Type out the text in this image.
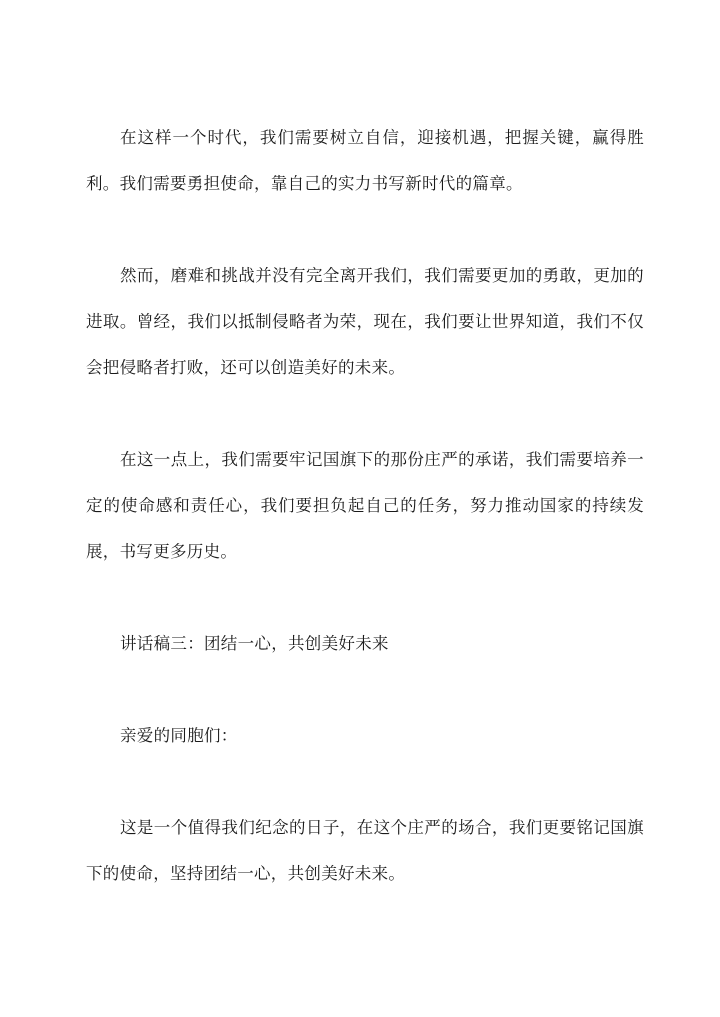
在这样一个时代，我们需要树立自信，迎接机遇，把握关键，赢得胜利。我们需要勇担使命，靠自己的实力书写新时代的篇章。

然而，磨难和挑战并没有完全离开我们，我们需要更加的勇敢，更加的进取。曾经，我们以抵制侵略者为荣，现在，我们要让世界知道，我们不仅会把侵略者打败，还可以创造美好的未来。

在这一点上，我们需要牢记国旗下的那份庄严的承诺，我们需要培养一定的使命感和责任心，我们要担负起自己的任务，努力推动国家的持续发展，书写更多历史。

讲话稿三：团结一心，共创美好未来

亲爱的同胞们：

这是一个值得我们纪念的日子，在这个庄严的场合，我们更要铭记国旗下的使命，坚持团结一心，共创美好未来。
